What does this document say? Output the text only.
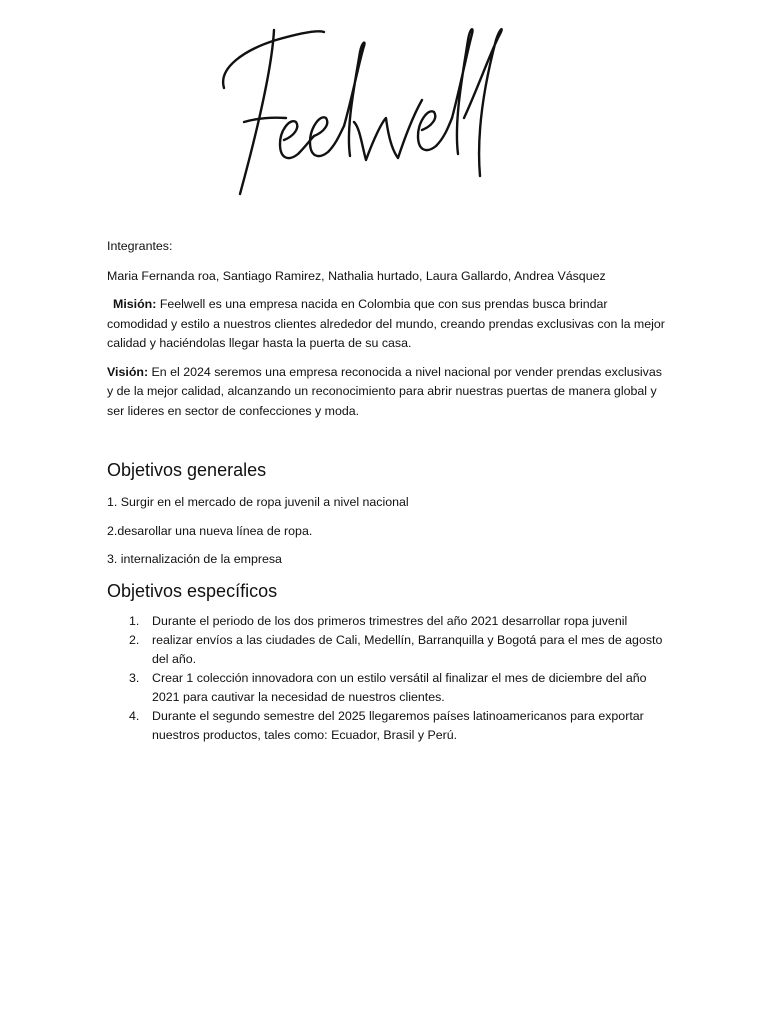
Integrantes:

Maria Fernanda roa, Santiago Ramirez, Nathalia hurtado, Laura Gallardo, Andrea Vásquez

Misión: Feelwell es una empresa nacida en Colombia que con sus prendas busca brindar comodidad y estilo a nuestros clientes alrededor del mundo, creando prendas exclusivas con la mejor calidad y haciéndolas llegar hasta la puerta de su casa.

Visión: En el 2024 seremos una empresa reconocida a nivel nacional por vender prendas exclusivas y de la mejor calidad, alcanzando un reconocimiento para abrir nuestras puertas de manera global y ser lideres en sector de confecciones y moda.

Objetivos generales

1. Surgir en el mercado de ropa juvenil a nivel nacional

2.desarollar una nueva línea de ropa.

3. internalización de la empresa

Objetivos específicos
1.	Durante el periodo de los dos primeros trimestres del año 2021 desarrollar ropa juvenil
2.	realizar envíos a las ciudades de Cali, Medellín, Barranquilla y Bogotá para el mes de agosto del año.
3.	Crear 1 colección innovadora con un estilo versátil al finalizar el mes de diciembre del año 2021 para cautivar la necesidad de nuestros clientes.
4.	Durante el segundo semestre del 2025 llegaremos países latinoamericanos para exportar nuestros productos, tales como: Ecuador, Brasil y Perú.
